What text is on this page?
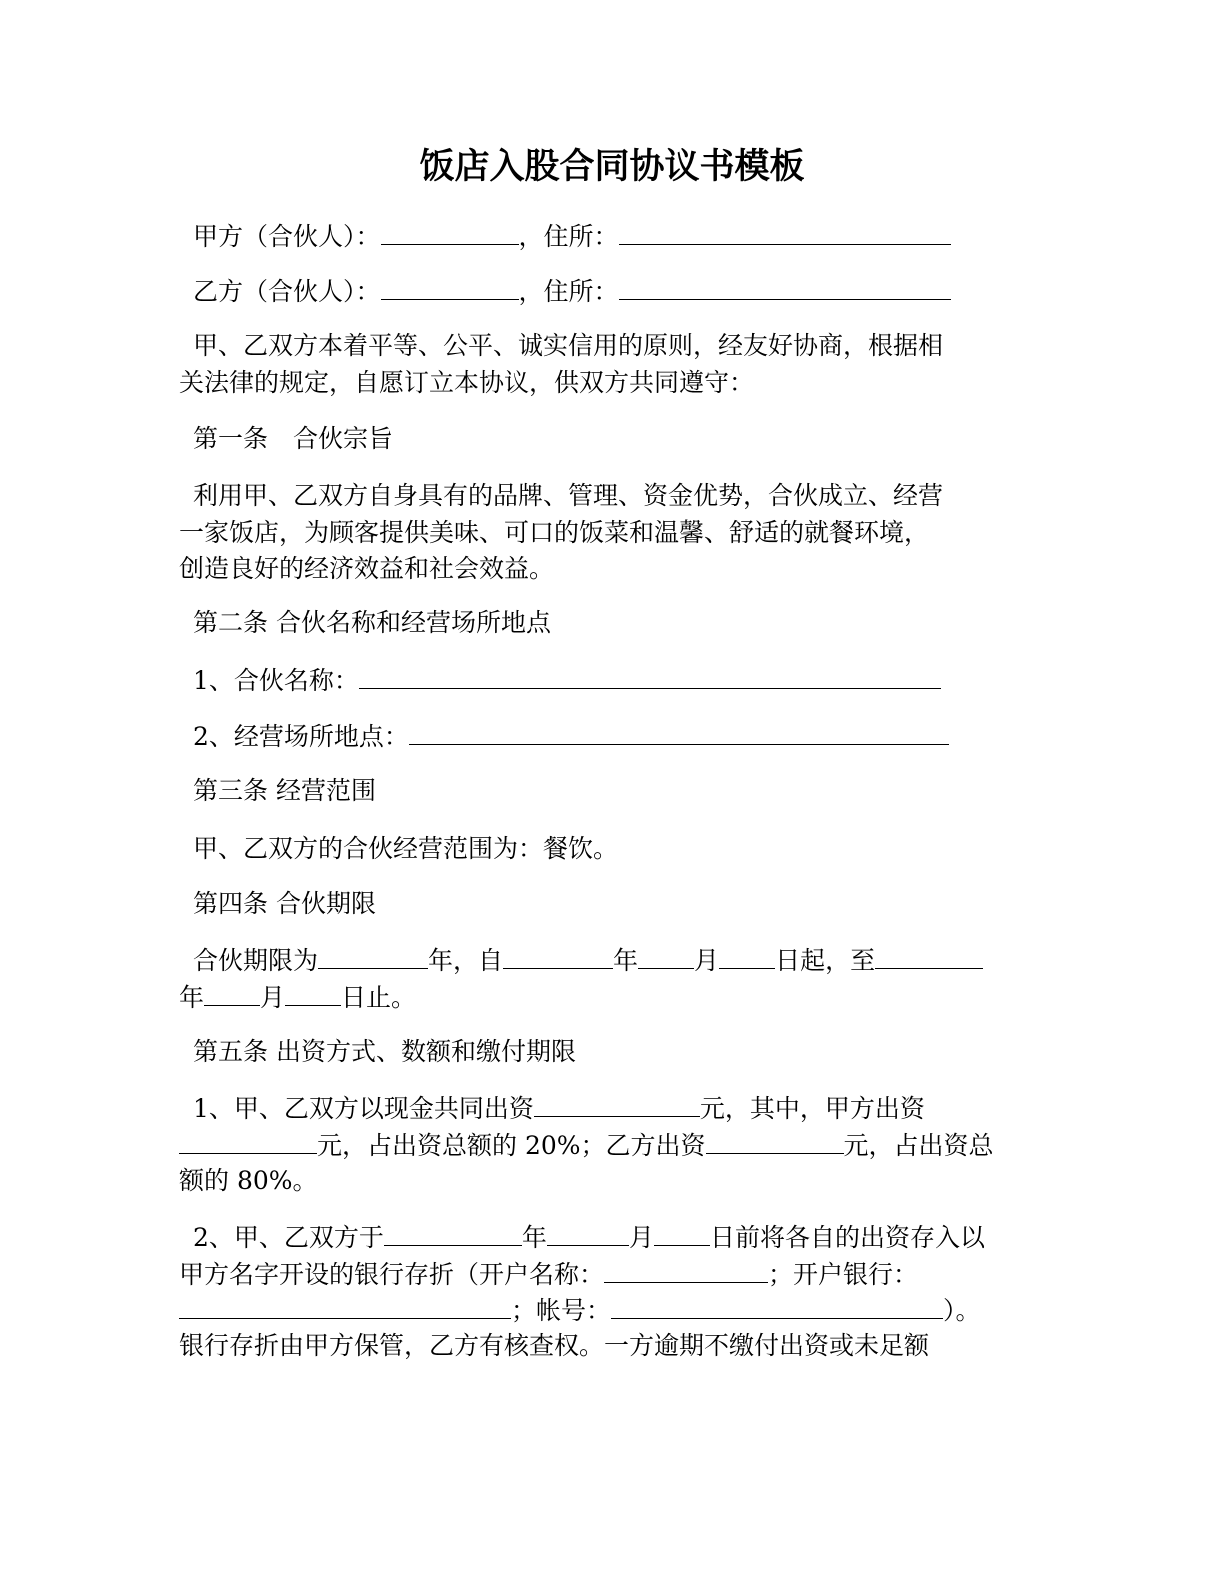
饭店入股合同协议书模板
甲方（合伙人）：	，住所：
乙方（合伙人）：	，住所：
甲、乙双方本着平等、公平、诚实信用的原则，经友好协商，根据相
关法律的规定，自愿订立本协议，供双方共同遵守：
第一条　合伙宗旨
利用甲、乙双方自身具有的品牌、管理、资金优势，合伙成立、经营
一家饭店，为顾客提供美味、可口的饭菜和温馨、舒适的就餐环境，
创造良好的经济效益和社会效益。
第二条 合伙名称和经营场所地点
1、合伙名称：
2、经营场所地点：
第三条 经营范围
甲、乙双方的合伙经营范围为：餐饮。
第四条 合伙期限
合伙期限为	年，自	年 月 日起，至
年 月 日止。
第五条 出资方式、数额和缴付期限
1、甲、乙双方以现金共同出资	元，其中，甲方出资
元，占出资总额的 20%；乙方出资	元，占出资总
额的 80%。
2、甲、乙双方于	年	月 日前将各自的出资存入以
甲方名字开设的银行存折（开户名称：	；开户银行：
；帐号：	）。
银行存折由甲方保管，乙方有核查权。一方逾期不缴付出资或未足额
